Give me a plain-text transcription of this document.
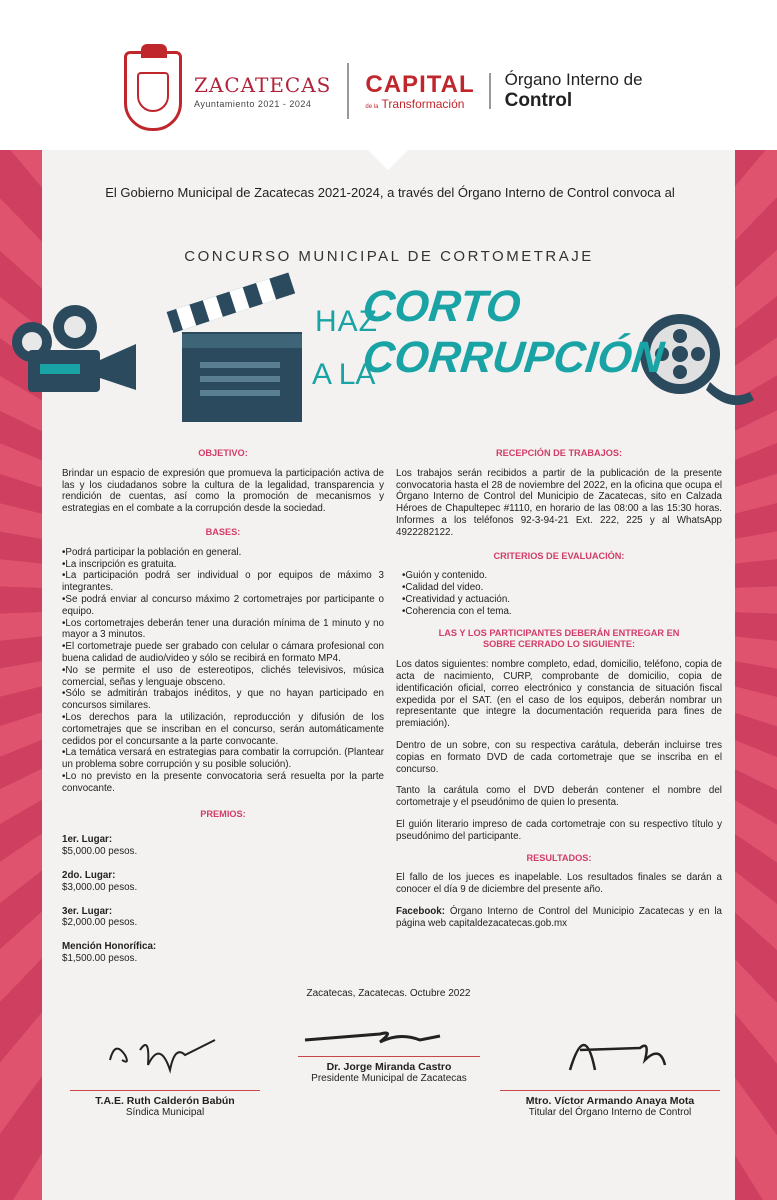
ZACATECAS
Ayuntamiento 2021 - 2024
CAPITAL
de la Transformación
Órgano Interno de
Control
El Gobierno Municipal de Zacatecas 2021-2024, a través del Órgano Interno de Control convoca al
CONCURSO MUNICIPAL DE CORTOMETRAJE
HAZ
CORTO
A LA
CORRUPCIÓN
OBJETIVO:
Brindar un espacio de expresión que promueva la participación activa de las y los ciudadanos sobre la cultura de la legalidad, transparencia y rendición de cuentas, así como la promoción de mecanismos y estrategias en el combate a la corrupción desde la sociedad.
BASES:
•Podrá participar la población en general.
•La inscripción es gratuita.
•La participación podrá ser individual o por equipos de máximo 3 integrantes.
•Se podrá enviar al concurso máximo 2 cortometrajes por participante o equipo.
•Los cortometrajes deberán tener una duración mínima de 1 minuto y no mayor a 3 minutos.
•El cortometraje puede ser grabado con celular o cámara profesional con buena calidad de audio/video y sólo se recibirá en formato MP4.
•No se permite el uso de estereotipos, clichés televisivos, música comercial, señas y lenguaje obsceno.
•Sólo se admitirán trabajos inéditos, y que no hayan participado en concursos similares.
•Los derechos para la utilización, reproducción y difusión de los cortometrajes que se inscriban en el concurso, serán automáticamente cedidos por el concursante a la parte convocante.
•La temática versará en estrategias para combatir la corrupción. (Plantear un problema sobre corrupción y su posible solución).
•Lo no previsto en la presente convocatoria será resuelta por la parte convocante.
PREMIOS:
1er. Lugar:
$5,000.00 pesos.
2do. Lugar:
$3,000.00 pesos.
3er. Lugar:
$2,000.00 pesos.
Mención Honorífica:
$1,500.00 pesos.
RECEPCIÓN DE TRABAJOS:
Los trabajos serán recibidos a partir de la publicación de la presente convocatoria hasta el 28 de noviembre del 2022, en la oficina que ocupa el Órgano Interno de Control del Municipio de Zacatecas, sito en Calzada Héroes de Chapultepec #1110, en horario de las 08:00 a las 15:30 horas. Informes a los teléfonos 92-3-94-21 Ext. 222, 225 y al WhatsApp 4922282122.
CRITERIOS DE EVALUACIÓN:
•Guión y contenido.
•Calidad del video.
•Creatividad y actuación.
•Coherencia con el tema.
LAS Y LOS PARTICIPANTES DEBERÁN ENTREGAR EN SOBRE CERRADO LO SIGUIENTE:
Los datos siguientes: nombre completo, edad, domicilio, teléfono, copia de acta de nacimiento, CURP, comprobante de domicilio, copia de identificación oficial, correo electrónico y constancia de situación fiscal expedida por el SAT. (en el caso de los equipos, deberán nombrar un representante que integre la documentación requerida para fines de premiación).
Dentro de un sobre, con su respectiva carátula, deberán incluirse tres copias en formato DVD de cada cortometraje que se inscriba en el concurso.
Tanto la carátula como el DVD deberán contener el nombre del cortometraje y el pseudónimo de quien lo presenta.
El guión literario impreso de cada cortometraje con su respectivo título y pseudónimo del participante.
RESULTADOS:
El fallo de los jueces es inapelable. Los resultados finales se darán a conocer el día 9 de diciembre del presente año.
Facebook: Órgano Interno de Control del Municipio Zacatecas y en la página web capitaldezacatecas.gob.mx
Zacatecas, Zacatecas. Octubre 2022
T.A.E. Ruth Calderón Babún
Síndica Municipal
Dr. Jorge Miranda Castro
Presidente Municipal de Zacatecas
Mtro. Víctor Armando Anaya Mota
Titular del Órgano Interno de Control
